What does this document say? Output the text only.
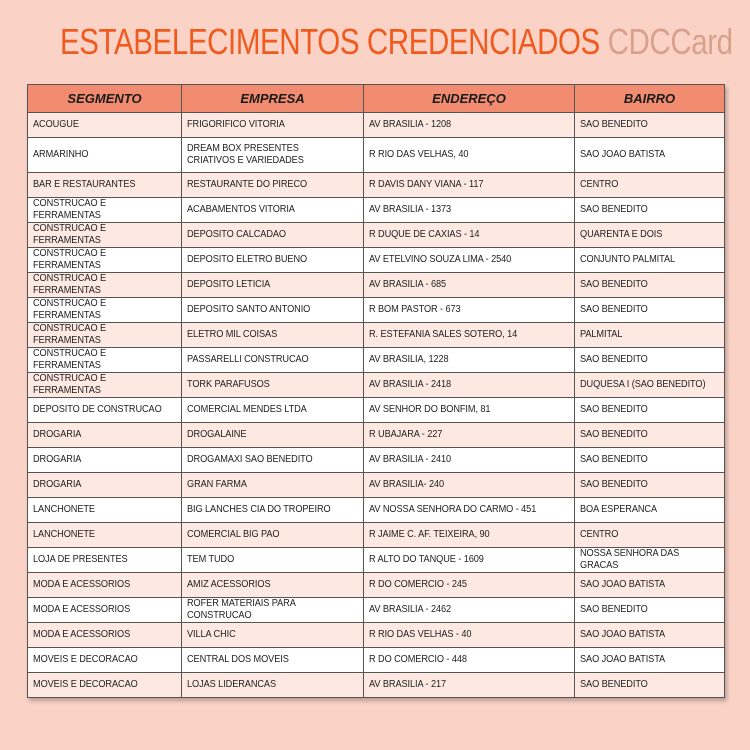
ESTABELECIMENTOS CREDENCIADOS CDCCard
SEGMENTO	EMPRESA	ENDEREÇO	BAIRRO

ACOUGUE	FRIGORIFICO VITORIA	AV BRASILIA - 1208	SAO BENEDITO

ARMARINHO	DREAM BOX PRESENTES CRIATIVOS E VARIEDADES	R RIO DAS VELHAS, 40	SAO JOAO BATISTA

BAR E RESTAURANTES	RESTAURANTE DO PIRECO	R DAVIS DANY VIANA - 117	CENTRO

CONSTRUCAO E FERRAMENTAS	ACABAMENTOS VITORIA	AV BRASILIA - 1373	SAO BENEDITO

CONSTRUCAO E FERRAMENTAS	DEPOSITO CALCADAO	R DUQUE DE CAXIAS - 14	QUARENTA E DOIS

CONSTRUCAO E FERRAMENTAS	DEPOSITO ELETRO BUENO	AV ETELVINO SOUZA LIMA - 2540	CONJUNTO PALMITAL

CONSTRUCAO E FERRAMENTAS	DEPOSITO LETICIA	AV BRASILIA - 685	SAO BENEDITO

CONSTRUCAO E FERRAMENTAS	DEPOSITO SANTO ANTONIO	R BOM PASTOR - 673	SAO BENEDITO

CONSTRUCAO E FERRAMENTAS	ELETRO MIL COISAS	R. ESTEFANIA SALES SOTERO, 14	PALMITAL

CONSTRUCAO E FERRAMENTAS	PASSARELLI CONSTRUCAO	AV BRASILIA, 1228	SAO BENEDITO

CONSTRUCAO E FERRAMENTAS	TORK PARAFUSOS	AV BRASILIA - 2418	DUQUESA I (SAO BENEDITO)

DEPOSITO DE CONSTRUCAO	COMERCIAL MENDES LTDA	AV SENHOR DO BONFIM, 81	SAO BENEDITO

DROGARIA	DROGALAINE	R UBAJARA - 227	SAO BENEDITO

DROGARIA	DROGAMAXI SAO BENEDITO	AV BRASILIA - 2410	SAO BENEDITO

DROGARIA	GRAN FARMA	AV BRASILIA- 240	SAO BENEDITO

LANCHONETE	BIG LANCHES CIA DO TROPEIRO	AV NOSSA SENHORA DO CARMO - 451	BOA ESPERANCA

LANCHONETE	COMERCIAL BIG PAO	R JAIME C. AF. TEIXEIRA, 90	CENTRO

LOJA DE PRESENTES	TEM TUDO	R ALTO DO TANQUE - 1609	NOSSA SENHORA DAS GRACAS

MODA E ACESSORIOS	AMIZ ACESSORIOS	R DO COMERCIO - 245	SAO JOAO BATISTA

MODA E ACESSORIOS	ROFER MATERIAIS PARA CONSTRUCAO	AV BRASILIA - 2462	SAO BENEDITO

MODA E ACESSORIOS	VILLA CHIC	R RIO DAS VELHAS - 40	SAO JOAO BATISTA

MOVEIS E DECORACAO	CENTRAL DOS MOVEIS	R DO COMERCIO - 448	SAO JOAO BATISTA

MOVEIS E DECORACAO	LOJAS LIDERANCAS	AV BRASILIA - 217	SAO BENEDITO
